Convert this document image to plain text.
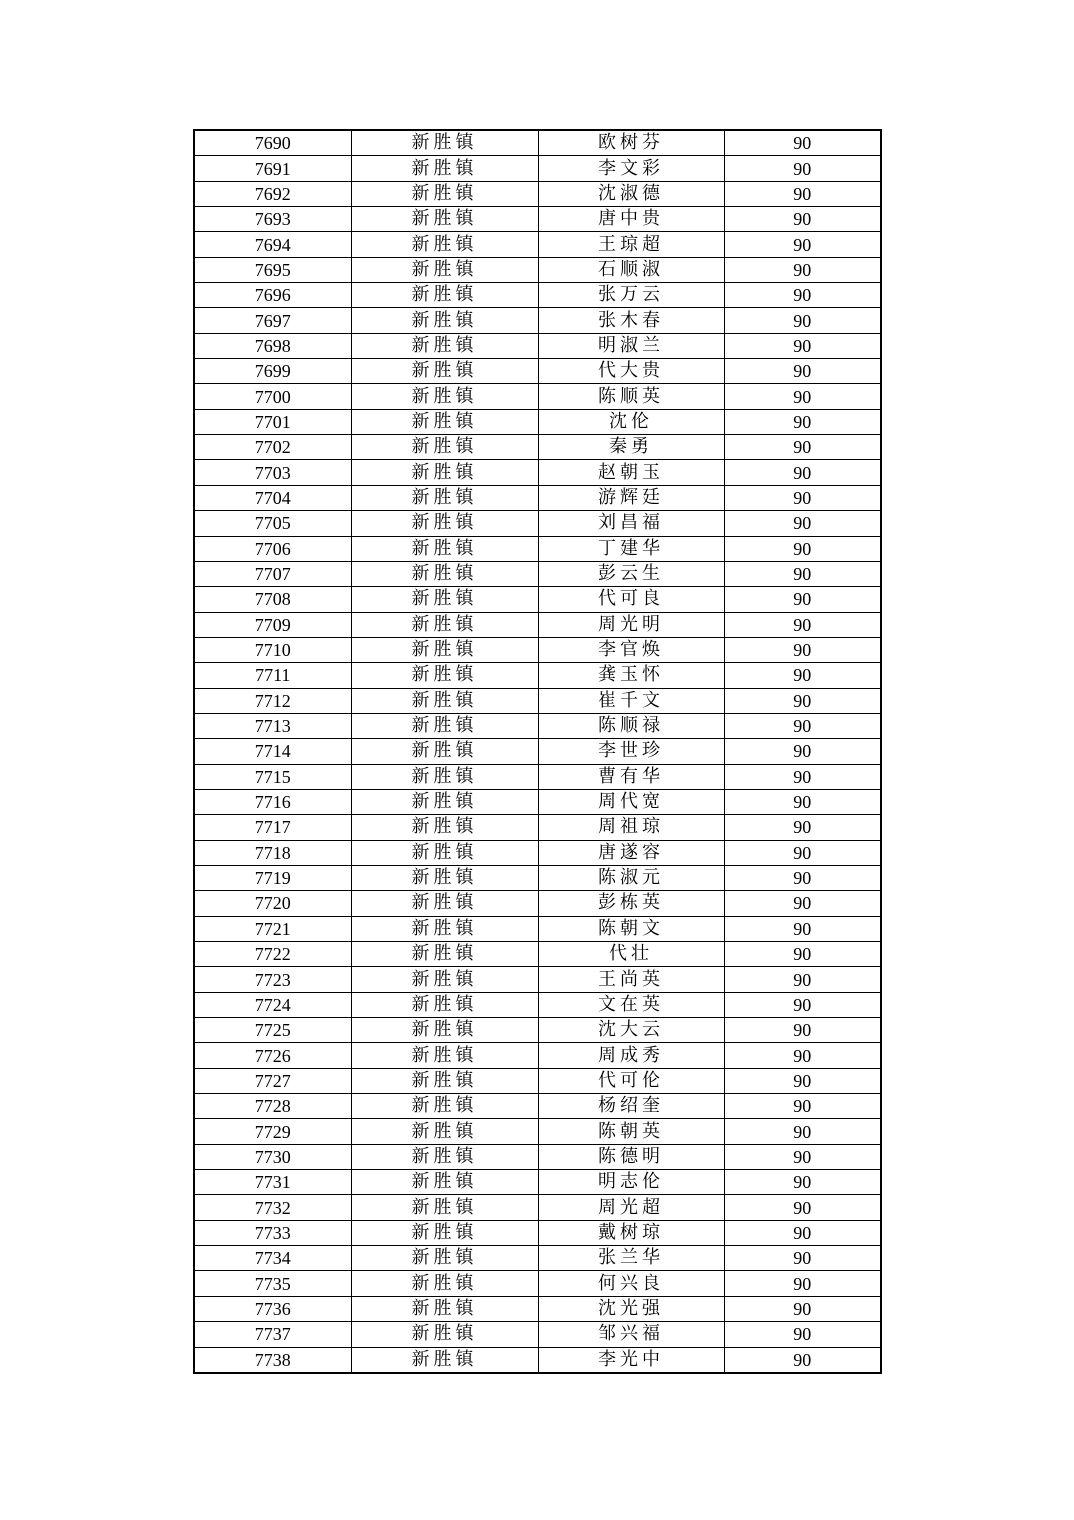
7690	新胜镇	欧树芬	90
7691	新胜镇	李文彩	90
7692	新胜镇	沈淑德	90
7693	新胜镇	唐中贵	90
7694	新胜镇	王琼超	90
7695	新胜镇	石顺淑	90
7696	新胜镇	张万云	90
7697	新胜镇	张木春	90
7698	新胜镇	明淑兰	90
7699	新胜镇	代大贵	90
7700	新胜镇	陈顺英	90
7701	新胜镇	沈伦	90
7702	新胜镇	秦勇	90
7703	新胜镇	赵朝玉	90
7704	新胜镇	游辉廷	90
7705	新胜镇	刘昌福	90
7706	新胜镇	丁建华	90
7707	新胜镇	彭云生	90
7708	新胜镇	代可良	90
7709	新胜镇	周光明	90
7710	新胜镇	李官焕	90
7711	新胜镇	龚玉怀	90
7712	新胜镇	崔千文	90
7713	新胜镇	陈顺禄	90
7714	新胜镇	李世珍	90
7715	新胜镇	曹有华	90
7716	新胜镇	周代宽	90
7717	新胜镇	周祖琼	90
7718	新胜镇	唐遂容	90
7719	新胜镇	陈淑元	90
7720	新胜镇	彭栋英	90
7721	新胜镇	陈朝文	90
7722	新胜镇	代壮	90
7723	新胜镇	王尚英	90
7724	新胜镇	文在英	90
7725	新胜镇	沈大云	90
7726	新胜镇	周成秀	90
7727	新胜镇	代可伦	90
7728	新胜镇	杨绍奎	90
7729	新胜镇	陈朝英	90
7730	新胜镇	陈德明	90
7731	新胜镇	明志伦	90
7732	新胜镇	周光超	90
7733	新胜镇	戴树琼	90
7734	新胜镇	张兰华	90
7735	新胜镇	何兴良	90
7736	新胜镇	沈光强	90
7737	新胜镇	邹兴福	90
7738	新胜镇	李光中	90
